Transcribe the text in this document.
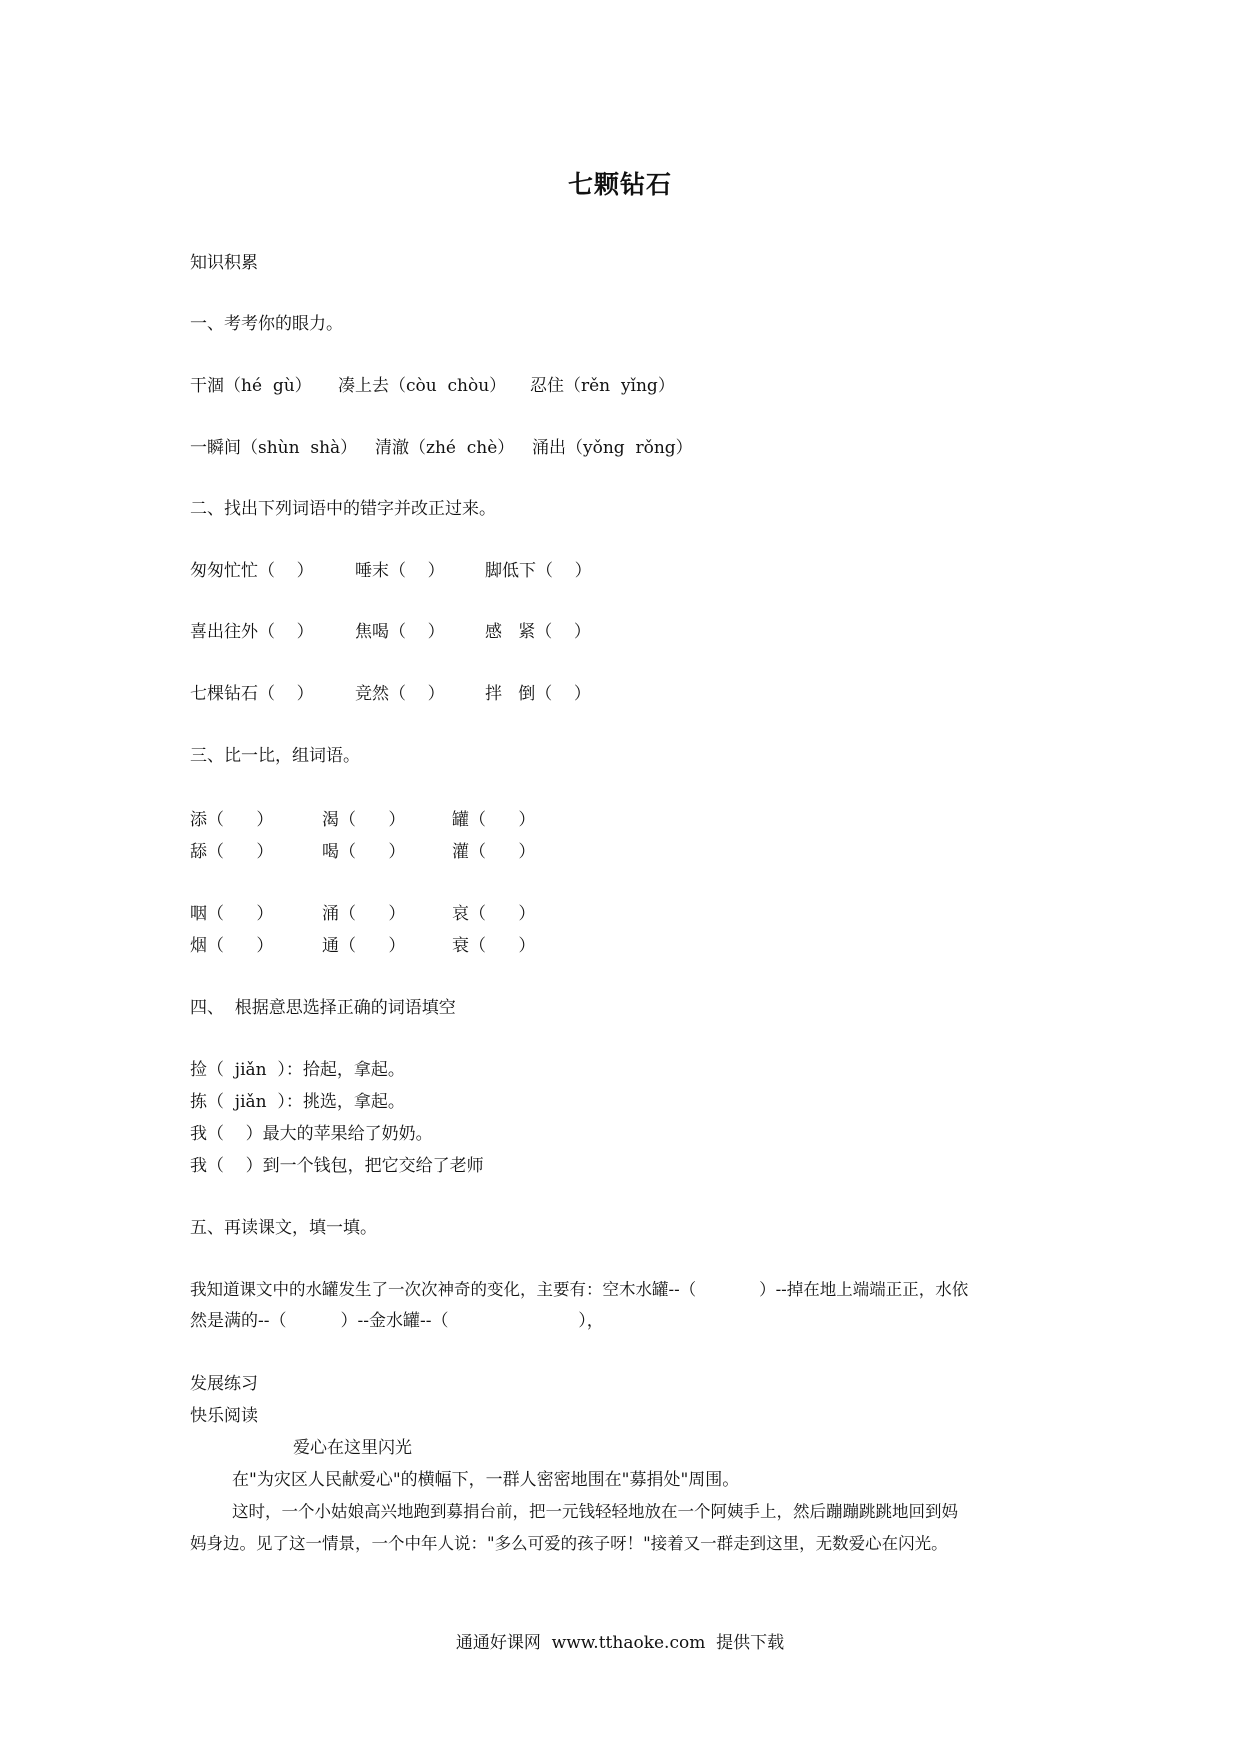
七颗钻石
知识积累
一、考考你的眼力。
干涸（hé  gù） 凑上去（còu  chòu） 忍住（rěn  yǐng）
一瞬间（shùn  shà） 清澈（zhé  chè） 涌出（yǒng  rǒng）
二、找出下列词语中的错字并改正过来。
匆匆忙忙（    ） 唾末（    ） 脚低下（    ）
喜出往外（    ） 焦喝（    ） 感   紧（    ）
七棵钻石（    ） 竞然（    ） 拌   倒（    ）
三、比一比，组词语。
添（      ）	渴（      ）	罐（      ）
舔（      ）	喝（      ）	灌（      ）
咽（      ）	涌（      ）	哀（      ）
烟（      ）	通（      ）	衰（      ）
四、  根据意思选择正确的词语填空
捡（  jiǎn  ）：拾起，拿起。
拣（  jiǎn  ）：挑选，拿起。
我（    ）最大的苹果给了奶奶。
我（    ）到一个钱包，把它交给了老师
五、再读课文，填一填。
我知道课文中的水罐发生了一次次神奇的变化，主要有：空木水罐--（            ）--掉在地上端端正正，水依
然是满的--（          ）--金水罐--（                        ），
发展练习
快乐阅读
爱心在这里闪光
在"为灾区人民献爱心"的横幅下，一群人密密地围在"募捐处"周围。
这时，一个小姑娘高兴地跑到募捐台前，把一元钱轻轻地放在一个阿姨手上，然后蹦蹦跳跳地回到妈
妈身边。见了这一情景，一个中年人说："多么可爱的孩子呀！"接着又一群走到这里，无数爱心在闪光。
通通好课网  www.tthaoke.com  提供下载
